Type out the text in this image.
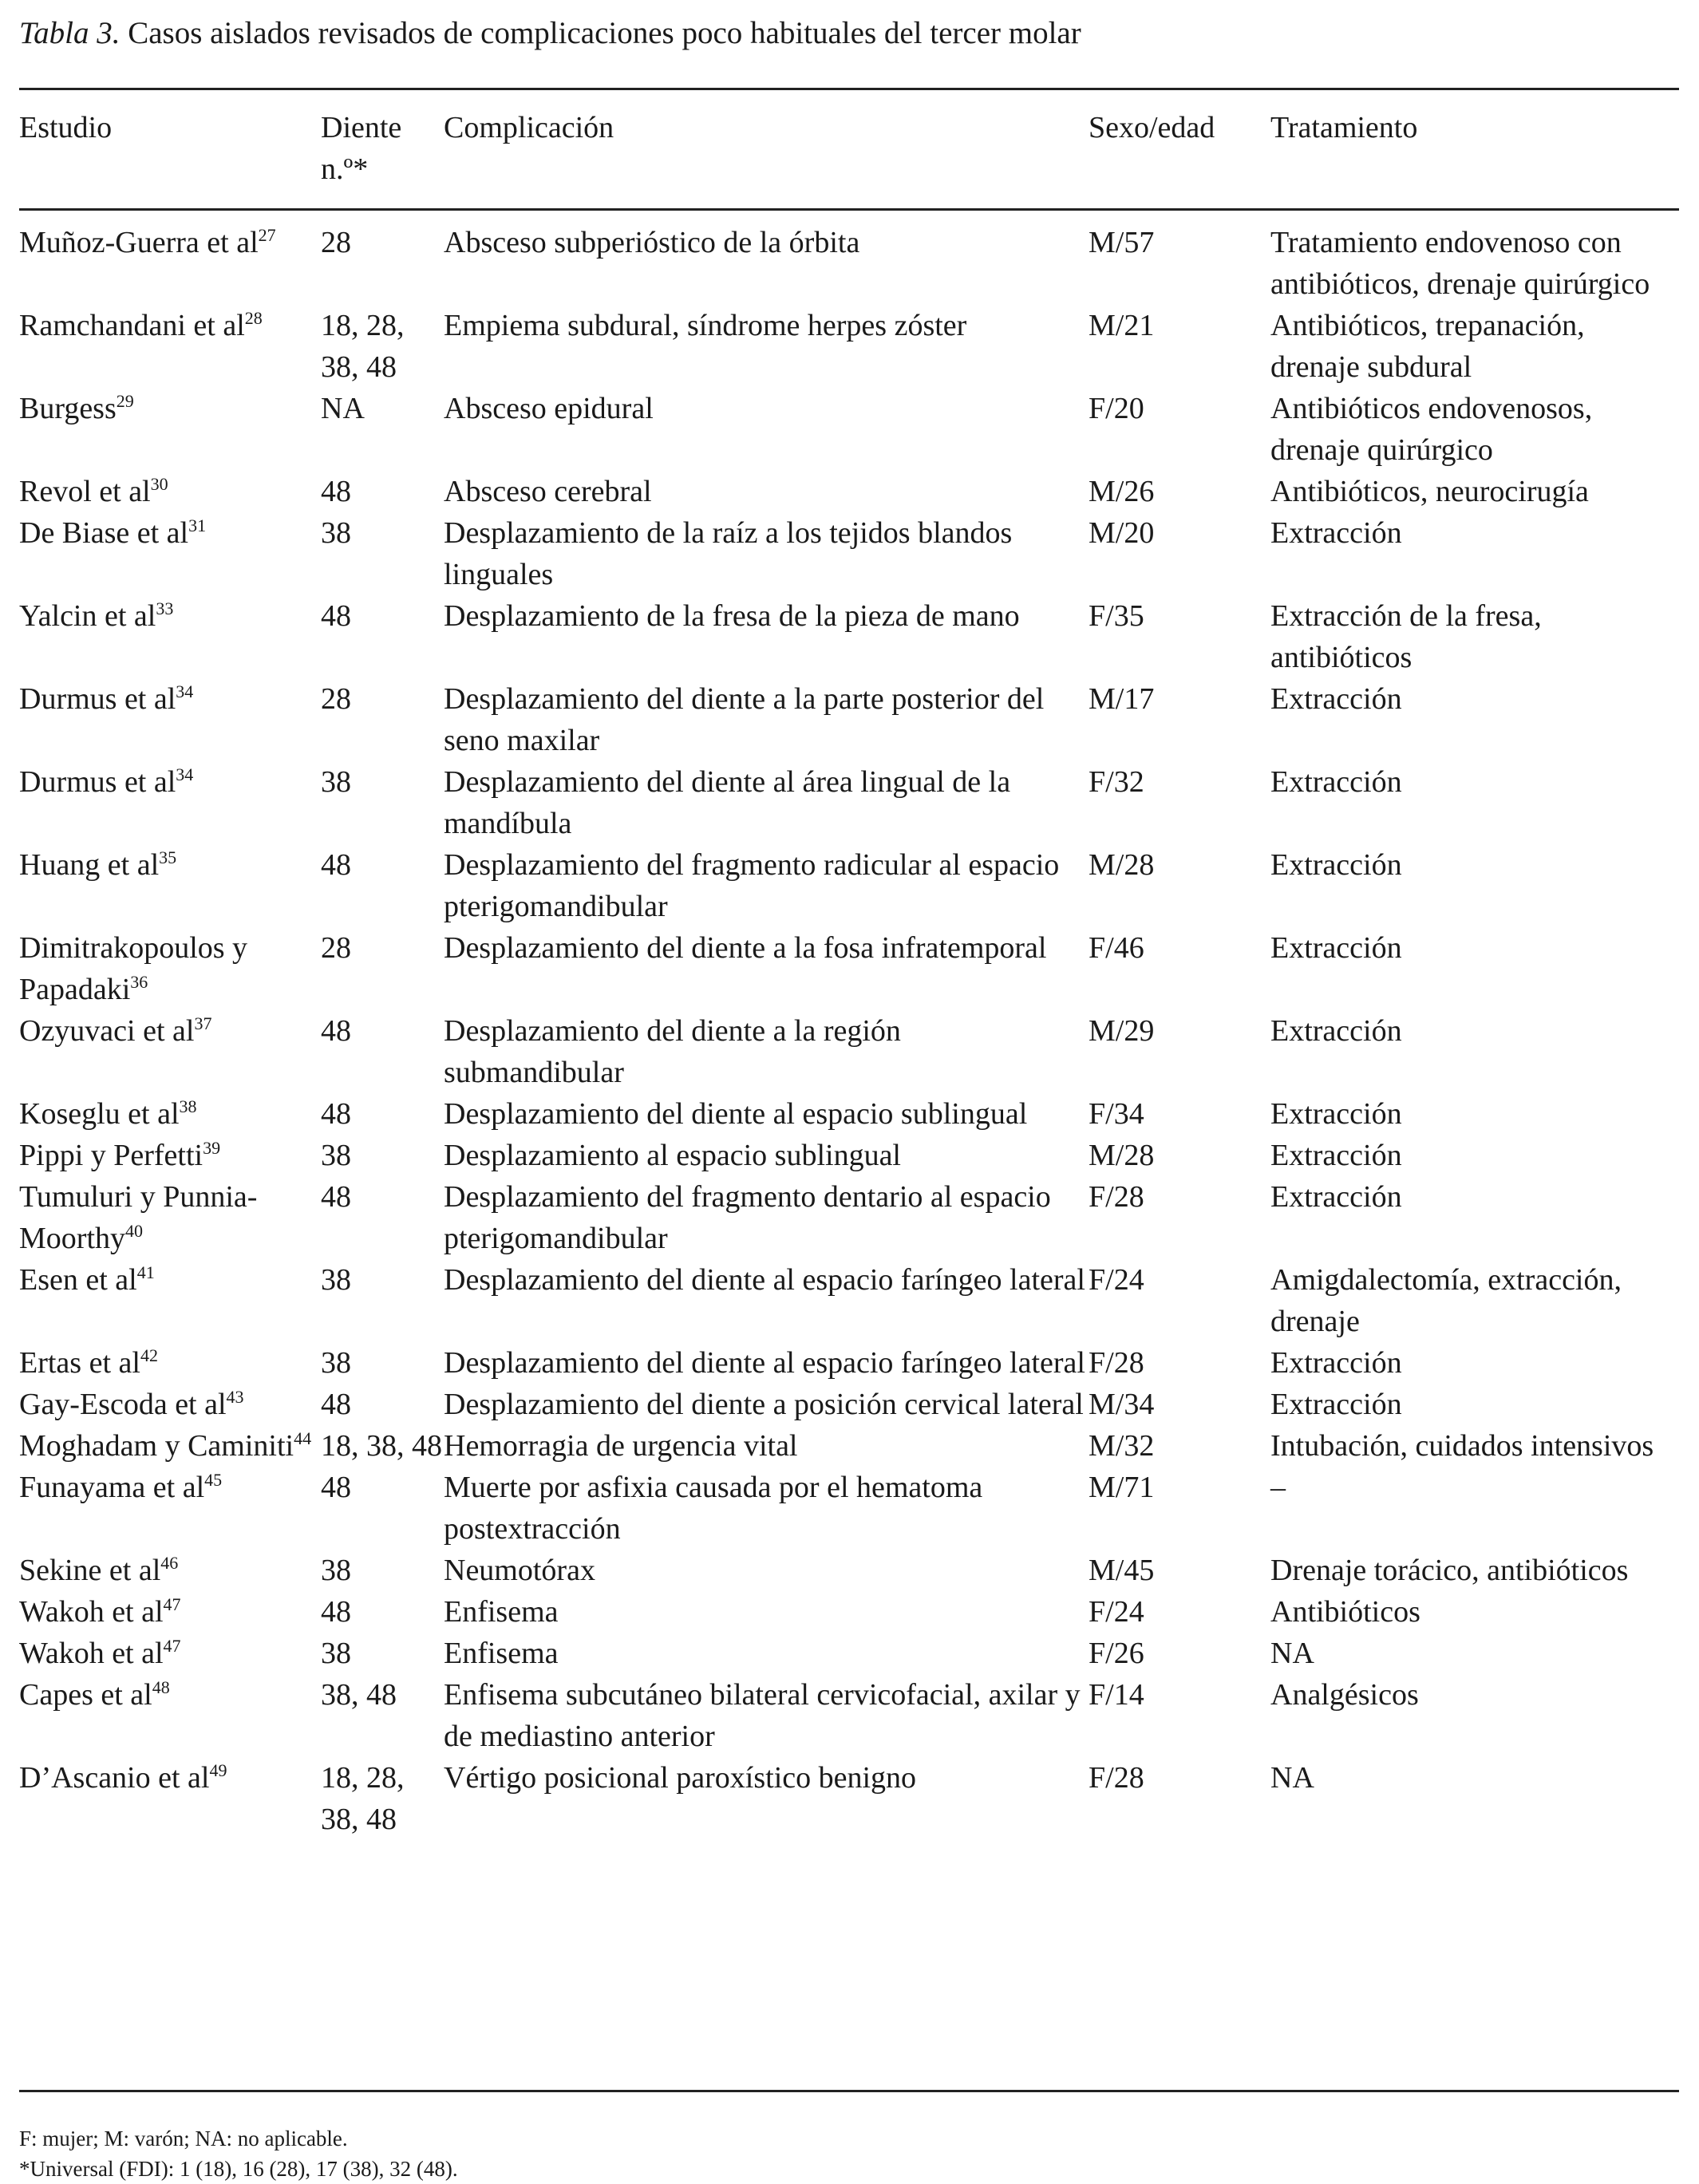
Tabla 3. Casos aislados revisados de complicaciones poco habituales del tercer molar
Estudio	Diente n.º*	Complicación	Sexo/edad	Tratamiento
Muñoz-Guerra et $al^{27}$	28	Absceso subperióstico de la órbita	M/57	Tratamiento endovenoso con antibióticos, drenaje quirúrgico
Ramchandani et $al^{28}$	18, 28, 38, 48	Empiema subdural, síndrome herpes zóster	M/21	Antibióticos, trepanación, drenaje subdural
Burgess$^{29}$	NA	Absceso epidural	F/20	Antibióticos endovenosos, drenaje quirúrgico
Revol et $al^{30}$	48	Absceso cerebral	M/26	Antibióticos, neurocirugía
De Biase et $al^{31}$	38	Desplazamiento de la raíz a los tejidos blandos linguales	M/20	Extracción
Yalcin et $al^{33}$	48	Desplazamiento de la fresa de la pieza de mano	F/35	Extracción de la fresa, antibióticos
Durmus et $al^{34}$	28	Desplazamiento del diente a la parte posterior del seno maxilar	M/17	Extracción
Durmus et $al^{34}$	38	Desplazamiento del diente al área lingual de la mandíbula	F/32	Extracción
Huang et $al^{35}$	48	Desplazamiento del fragmento radicular al espacio pterigomandibular	M/28	Extracción
Dimitrakopoulos y Papadaki$^{36}$	28	Desplazamiento del diente a la fosa infratemporal	F/46	Extracción
Ozyuvaci et $al^{37}$	48	Desplazamiento del diente a la región submandibular	M/29	Extracción
Koseglu et $al^{38}$	48	Desplazamiento del diente al espacio sublingual	F/34	Extracción
Pippi y Perfetti$^{39}$	38	Desplazamiento al espacio sublingual	M/28	Extracción
Tumuluri y Punnia-Moorthy$^{40}$	48	Desplazamiento del fragmento dentario al espacio pterigomandibular	F/28	Extracción
Esen et $al^{41}$	38	Desplazamiento del diente al espacio faríngeo lateral	F/24	Amigdalectomía, extracción, drenaje
Ertas et $al^{42}$	38	Desplazamiento del diente al espacio faríngeo lateral	F/28	Extracción
Gay-Escoda et $al^{43}$	48	Desplazamiento del diente a posición cervical lateral	M/34	Extracción
Moghadam y Caminiti$^{44}$	18, 38, 48	Hemorragia de urgencia vital	M/32	Intubación, cuidados intensivos
Funayama et $al^{45}$	48	Muerte por asfixia causada por el hematoma postextracción	M/71	–
Sekine et $al^{46}$	38	Neumotórax	M/45	Drenaje torácico, antibióticos
Wakoh et $al^{47}$	48	Enfisema	F/24	Antibióticos
Wakoh et $al^{47}$	38	Enfisema	F/26	NA
Capes et $al^{48}$	38, 48	Enfisema subcutáneo bilateral cervicofacial, axilar y de mediastino anterior	F/14	Analgésicos
D’Ascanio et $al^{49}$	18, 28, 38, 48	Vértigo posicional paroxístico benigno	F/28	NA
F: mujer; M: varón; NA: no aplicable.
*Universal (FDI): 1 (18), 16 (28), 17 (38), 32 (48).
